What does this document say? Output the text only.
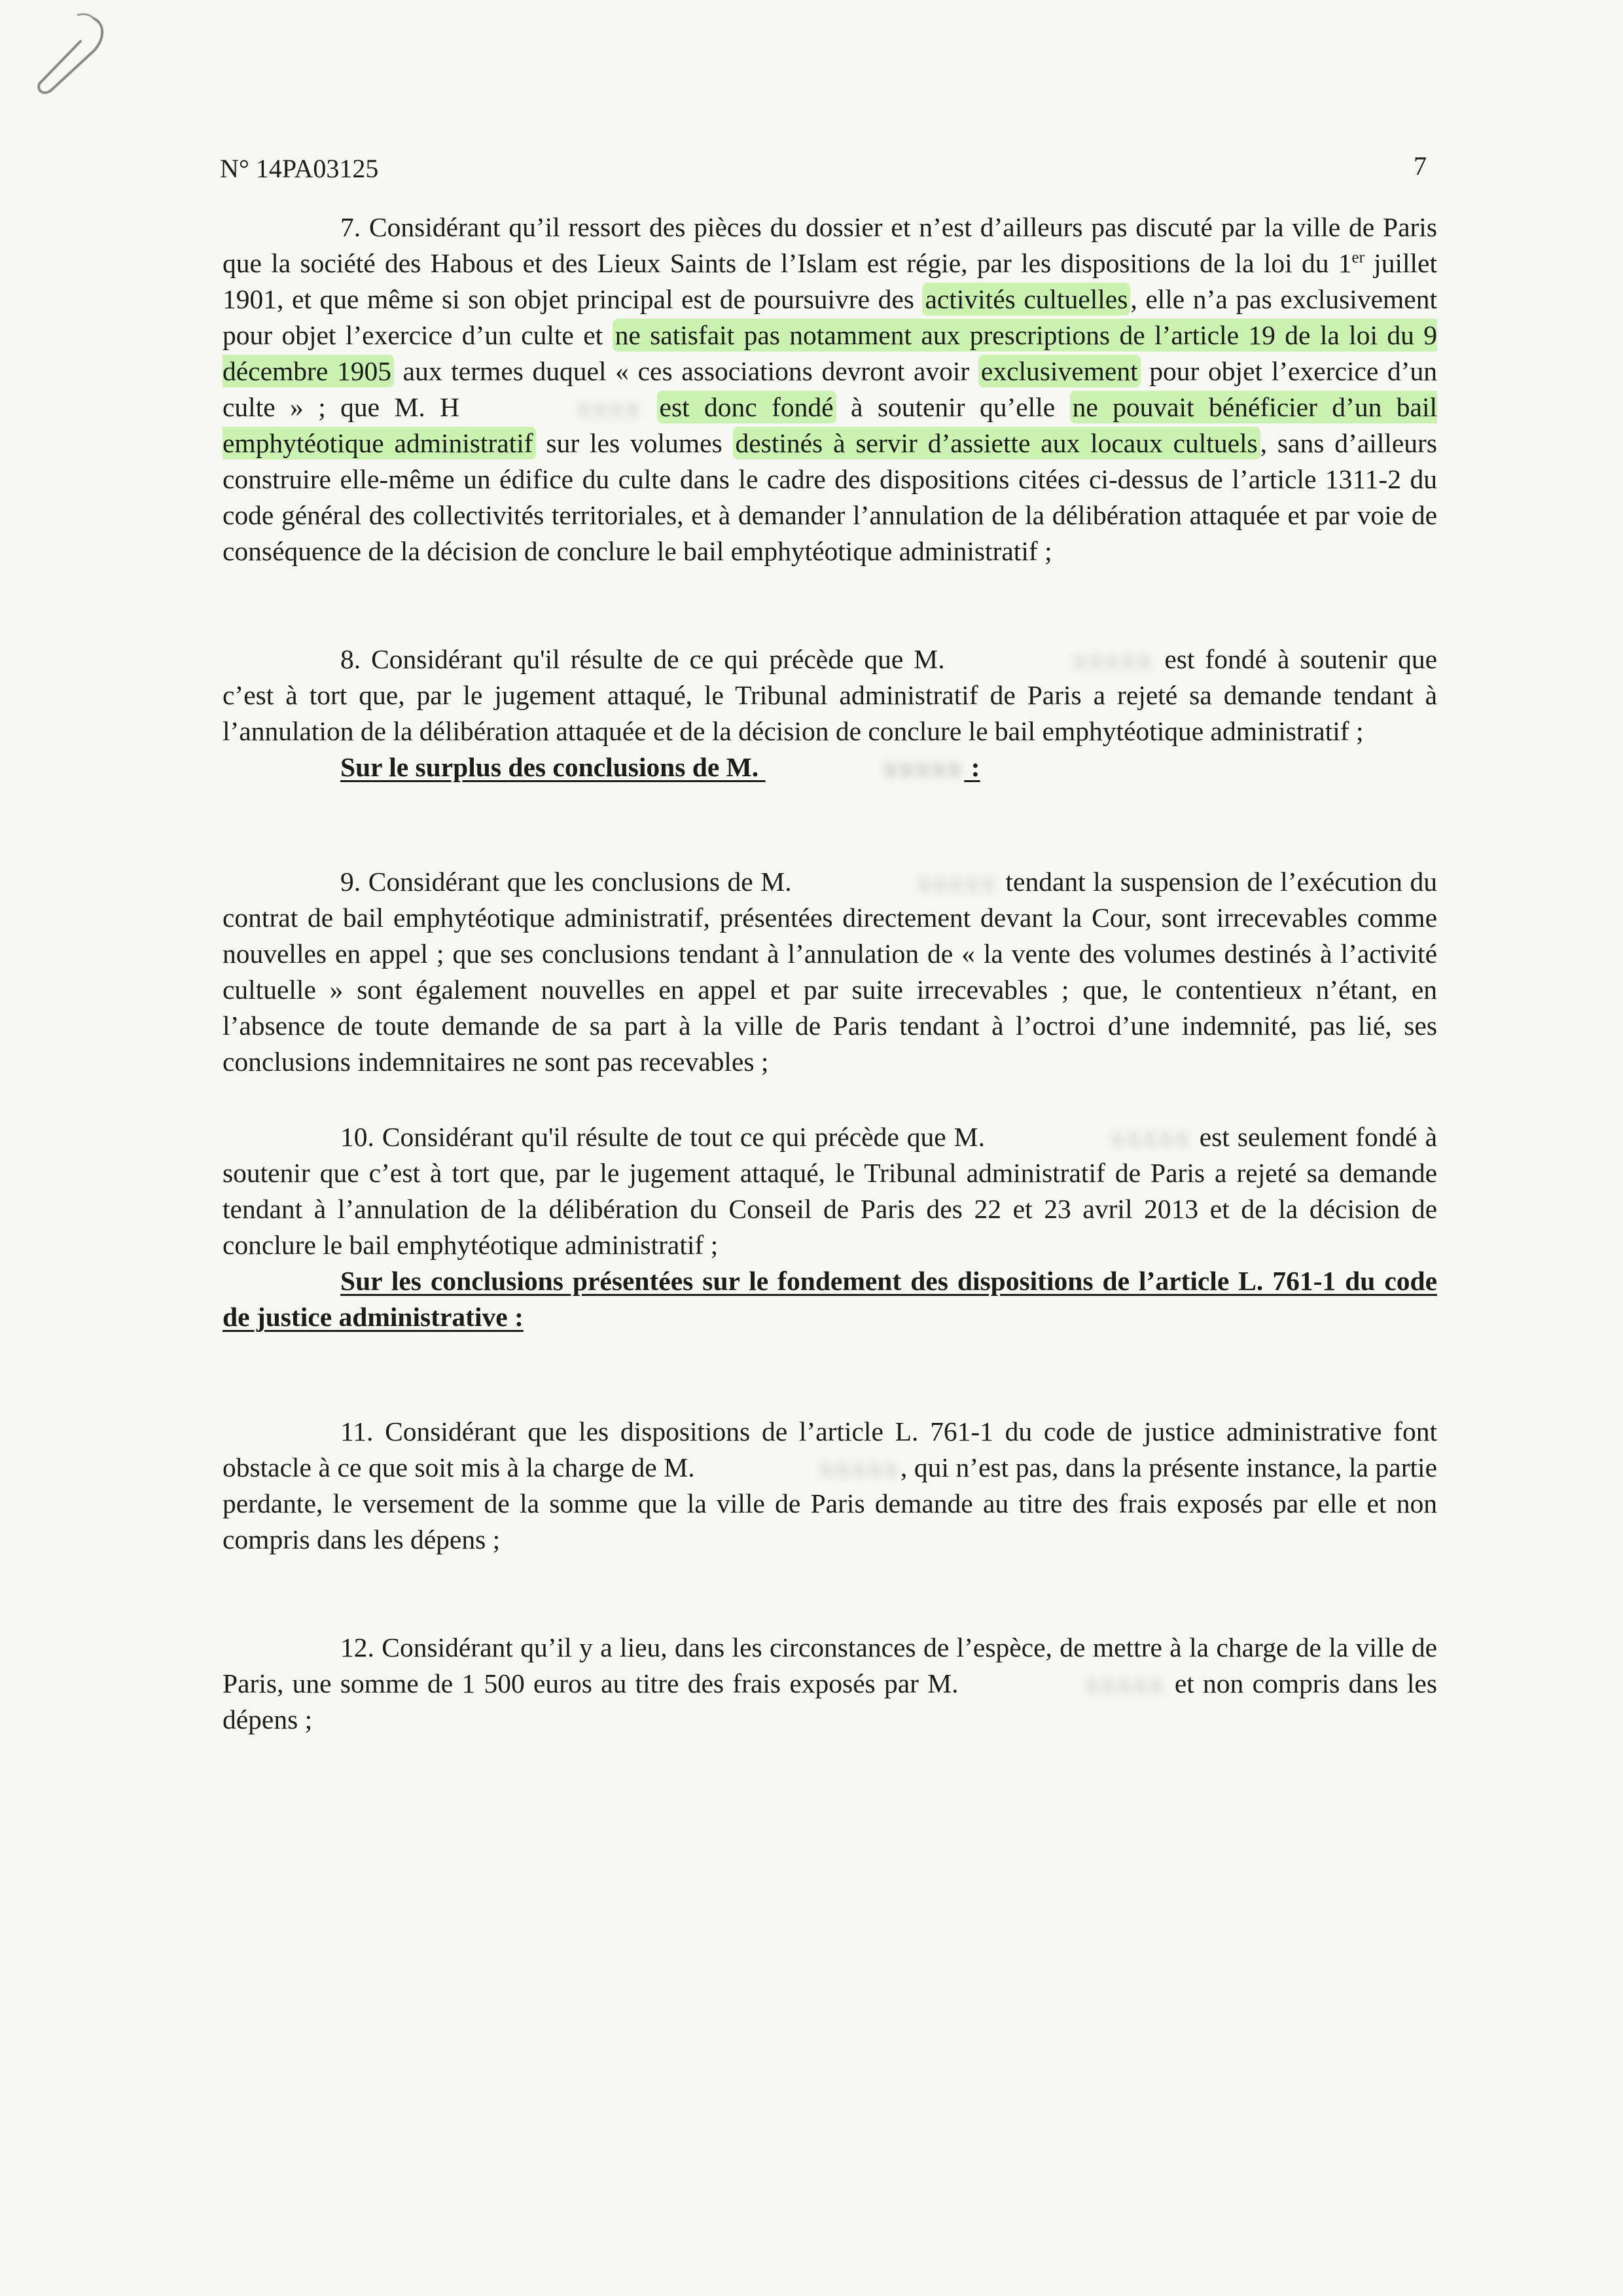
N° 14PA03125	7

7. Considérant qu’il ressort des pièces du dossier et n’est d’ailleurs pas discuté par la ville de Paris que la société des Habous et des Lieux Saints de l’Islam est régie, par les dispositions de la loi du 1er juillet 1901, et que même si son objet principal est de poursuivre des activités cultuelles, elle n’a pas exclusivement pour objet l’exercice d’un culte et ne satisfait pas notamment aux prescriptions de l’article 19 de la loi du 9 décembre 1905 aux termes duquel « ces associations devront avoir exclusivement pour objet l’exercice d’un culte » ; que M. H	xxxx est donc fondé à soutenir qu’elle ne pouvait bénéficier d’un bail emphytéotique administratif sur les volumes destinés à servir d’assiette aux locaux cultuels, sans d’ailleurs construire elle-même un édifice du culte dans le cadre des dispositions citées ci-dessus de l’article 1311-2 du code général des collectivités territoriales, et à demander l’annulation de la délibération attaquée et par voie de conséquence de la décision de conclure le bail emphytéotique administratif ;

8. Considérant qu'il résulte de ce qui précède que M.	xxxxx est fondé à soutenir que c’est à tort que, par le jugement attaqué, le Tribunal administratif de Paris a rejeté sa demande tendant à l’annulation de la délibération attaquée et de la décision de conclure le bail emphytéotique administratif ;

Sur le surplus des conclusions de M.	xxxxx :

9. Considérant que les conclusions de M.	xxxxx tendant la suspension de l’exécution du contrat de bail emphytéotique administratif, présentées directement devant la Cour, sont irrecevables comme nouvelles en appel ; que ses conclusions tendant à l’annulation de « la vente des volumes destinés à l’activité cultuelle » sont également nouvelles en appel et par suite irrecevables ; que, le contentieux n’étant, en l’absence de toute demande de sa part à la ville de Paris tendant à l’octroi d’une indemnité, pas lié, ses conclusions indemnitaires ne sont pas recevables ;

10. Considérant qu'il résulte de tout ce qui précède que M.	xxxxx est seulement fondé à soutenir que c’est à tort que, par le jugement attaqué, le Tribunal administratif de Paris a rejeté sa demande tendant à l’annulation de la délibération du Conseil de Paris des 22 et 23 avril 2013 et de la décision de conclure le bail emphytéotique administratif ;

Sur les conclusions présentées sur le fondement des dispositions de l’article L. 761-1 du code de justice administrative :

11. Considérant que les dispositions de l’article L. 761-1 du code de justice administrative font obstacle à ce que soit mis à la charge de M.	xxxxx, qui n’est pas, dans la présente instance, la partie perdante, le versement de la somme que la ville de Paris demande au titre des frais exposés par elle et non compris dans les dépens ;

12. Considérant qu’il y a lieu, dans les circonstances de l’espèce, de mettre à la charge de la ville de Paris, une somme de 1 500 euros au titre des frais exposés par M.	xxxxx et non compris dans les dépens ;
